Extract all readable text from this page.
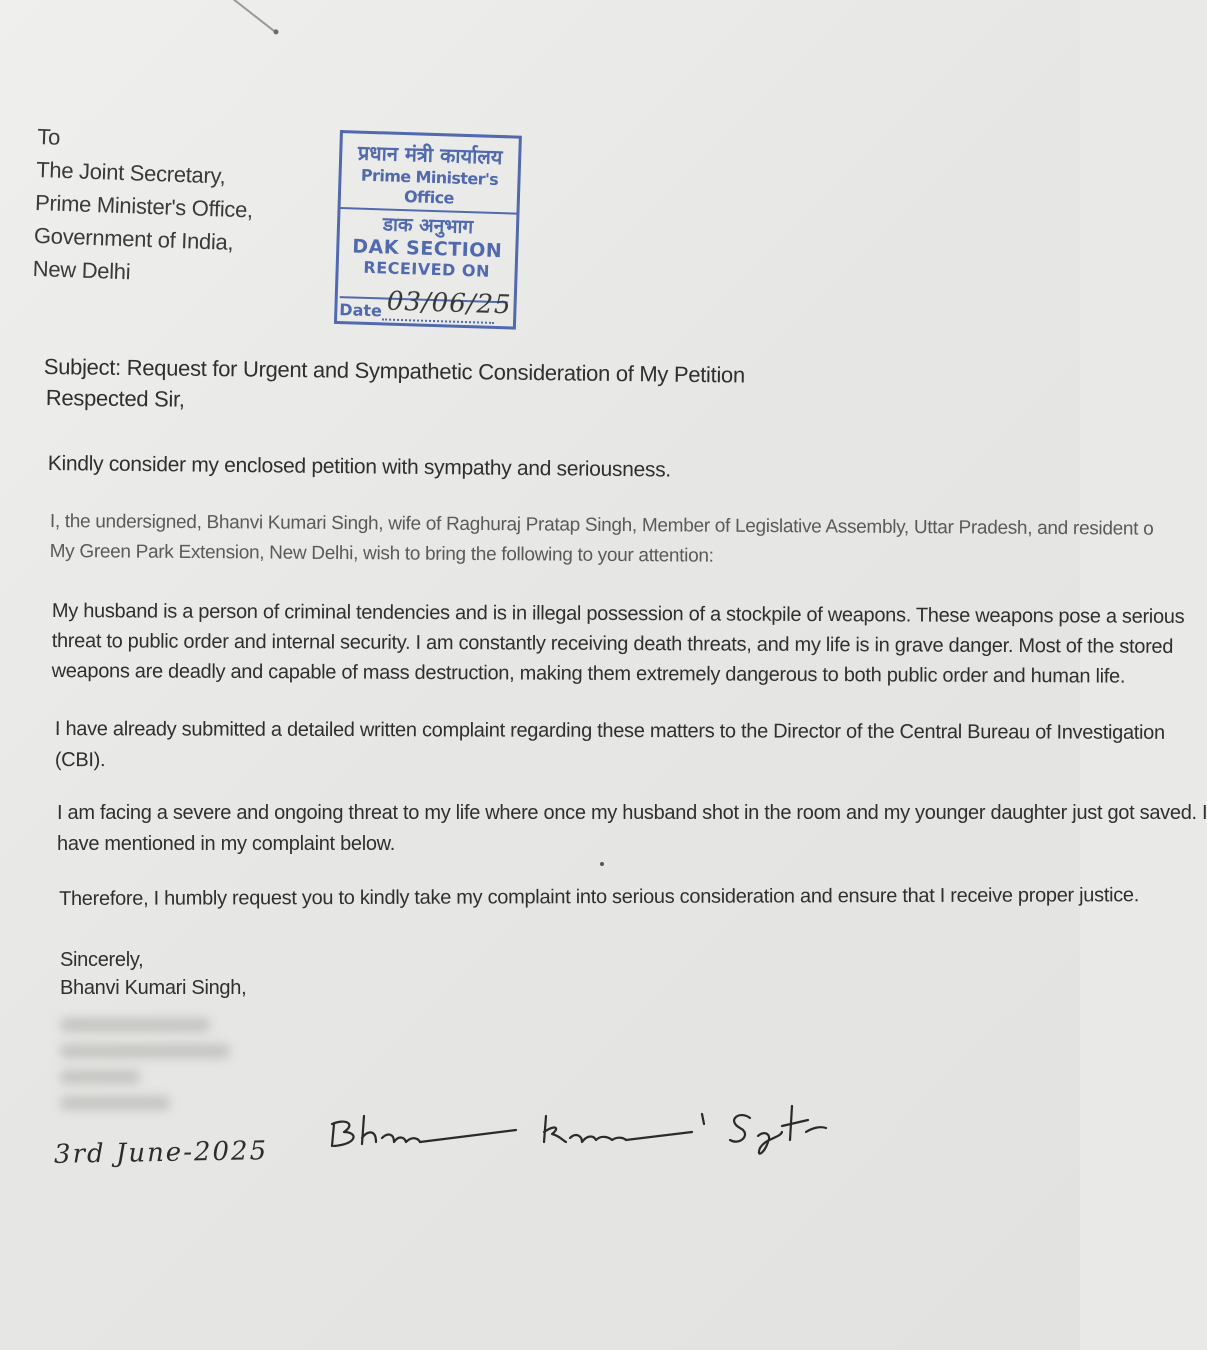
To
The Joint Secretary,
Prime Minister's Office,
Government of India,
New Delhi
प्रधान मंत्री कार्यालय
Prime Minister's Office
डाक अनुभाग
DAK SECTION
RECEIVED ON
Date 03/06/25
Subject: Request for Urgent and Sympathetic Consideration of My Petition
Respected Sir,
Kindly consider my enclosed petition with sympathy and seriousness.
I, the undersigned, Bhanvi Kumari Singh, wife of Raghuraj Pratap Singh, Member of Legislative Assembly, Uttar Pradesh, and resident o
My Green Park Extension, New Delhi, wish to bring the following to your attention:
My husband is a person of criminal tendencies and is in illegal possession of a stockpile of weapons. These weapons pose a serious
threat to public order and internal security. I am constantly receiving death threats, and my life is in grave danger. Most of the stored
weapons are deadly and capable of mass destruction, making them extremely dangerous to both public order and human life.
I have already submitted a detailed written complaint regarding these matters to the Director of the Central Bureau of Investigation
(CBI).
I am facing a severe and ongoing threat to my life where once my husband shot in the room and my younger daughter just got saved. I
have mentioned in my complaint below.
Therefore, I humbly request you to kindly take my complaint into serious consideration and ensure that I receive proper justice.
Sincerely,
Bhanvi Kumari Singh,
3rd June-2025
